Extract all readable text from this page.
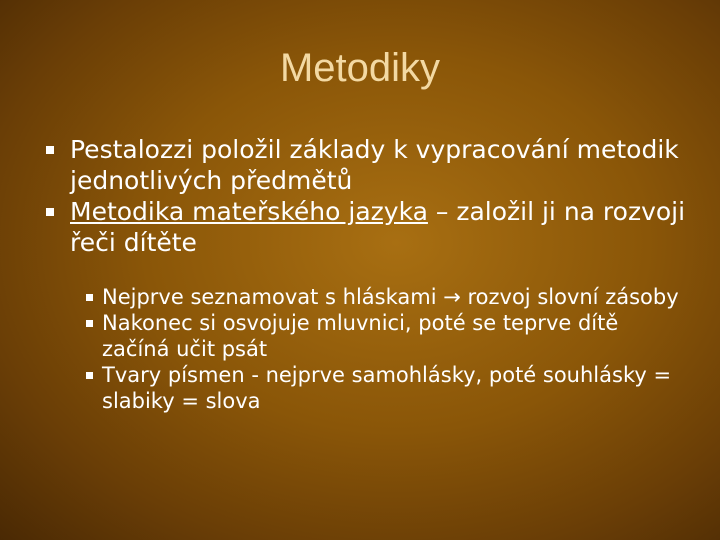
Metodiky
Pestalozzi položil základy k vypracování metodik jednotlivých předmětů
Metodika mateřského jazyka – založil ji na rozvoji řeči dítěte
Nejprve seznamovat s hláskami → rozvoj slovní zásoby
Nakonec si osvojuje mluvnici, poté se teprve dítě začíná učit psát
Tvary písmen - nejprve samohlásky, poté souhlásky = slabiky = slova
